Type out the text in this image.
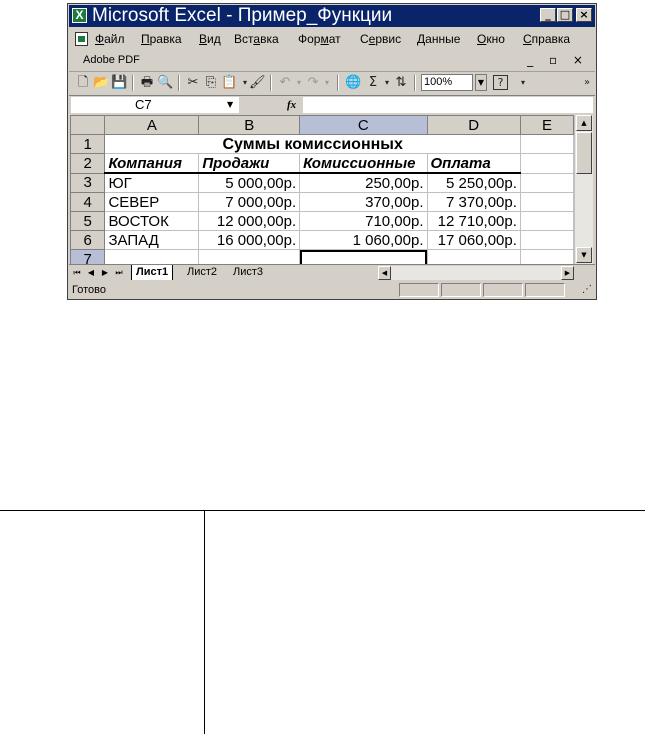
X Microsoft Excel - Пример_Функции	_ □ ×
Файл Правка Вид Вставка Формат Сервис Данные Окно Справка
Adobe PDF	_ ▫ ×
🗋 📂 💾 🖶 🔍 ✂ ⎘ 📋 ▾ 🖌 ↶ ▾ ↷ ▾	🌐 Σ ▾ ⇅ 100%	▼	?	▾	»
C7	▼	fx
	A	B	C	D	E
1	Суммы комиссионных				
2	Компания	Продажи	Комиссионные	Оплата	
3	ЮГ	5 000,00р.	250,00р.	5 250,00р.	
4	СЕВЕР	7 000,00р.	370,00р.	7 370,00р.	
5	ВОСТОК	12 000,00р.	710,00р.	12 710,00р.	
6	ЗАПАД	16 000,00р.	1 060,00р.	17 060,00р.	
7					
▲
▼
⏮ ◀ ▶ ⏭	Лист1	Лист2	Лист3	◀	▶
Готово	⋰
